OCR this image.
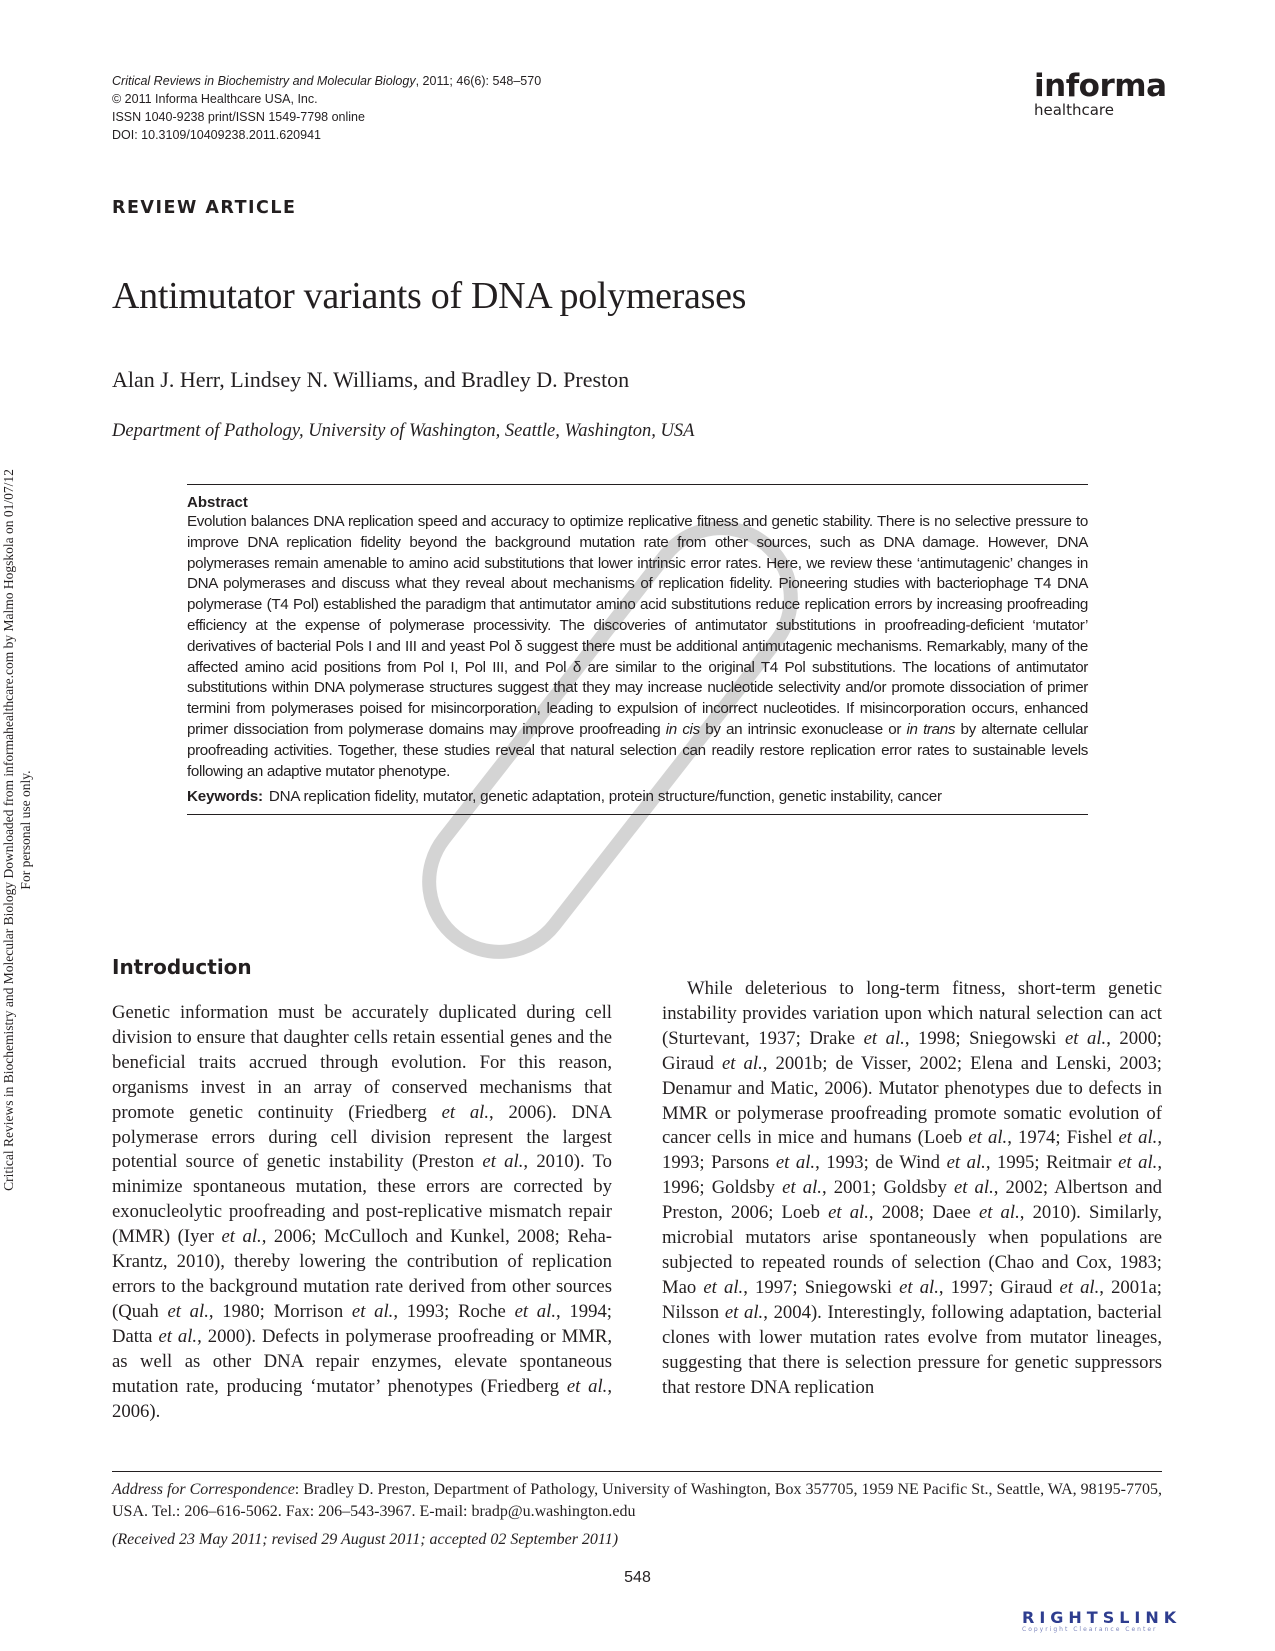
Critical Reviews in Biochemistry and Molecular Biology, 2011; 46(6): 548–570
© 2011 Informa Healthcare USA, Inc.
ISSN 1040-9238 print/ISSN 1549-7798 online
DOI: 10.3109/10409238.2011.620941
informa
healthcare
REVIEW ARTICLE
Antimutator variants of DNA polymerases
Alan J. Herr, Lindsey N. Williams, and Bradley D. Preston
Department of Pathology, University of Washington, Seattle, Washington, USA
Abstract
Evolution balances DNA replication speed and accuracy to optimize replicative fitness and genetic stability. There is no selective pressure to improve DNA replication fidelity beyond the background mutation rate from other sources, such as DNA damage. However, DNA polymerases remain amenable to amino acid substitutions that lower intrinsic error rates. Here, we review these ‘antimutagenic’ changes in DNA polymerases and discuss what they reveal about mechanisms of replication fidelity. Pioneering studies with bacteriophage T4 DNA polymerase (T4 Pol) established the paradigm that antimutator amino acid substitutions reduce replication errors by increasing proofreading efficiency at the expense of polymerase processivity. The discoveries of antimutator substitutions in proofreading-deficient ‘mutator’ derivatives of bacterial Pols I and III and yeast Pol δ suggest there must be additional antimutagenic mechanisms. Remarkably, many of the affected amino acid positions from Pol I, Pol III, and Pol δ are similar to the original T4 Pol substitutions. The locations of antimutator substitutions within DNA polymerase structures suggest that they may increase nucleotide selectivity and/or promote dissociation of primer termini from polymerases poised for misincorporation, leading to expulsion of incorrect nucleotides. If misincorporation occurs, enhanced primer dissociation from polymerase domains may improve proofreading in cis by an intrinsic exonuclease or in trans by alternate cellular proofreading activities. Together, these studies reveal that natural selection can readily restore replication error rates to sustainable levels following an adaptive mutator phenotype.
Keywords: DNA replication fidelity, mutator, genetic adaptation, protein structure/function, genetic instability, cancer
Introduction
Genetic information must be accurately duplicated during cell division to ensure that daughter cells retain essential genes and the beneficial traits accrued through evolution. For this reason, organisms invest in an array of conserved mechanisms that promote genetic continuity (Friedberg et al., 2006). DNA polymerase errors during cell division represent the largest potential source of genetic instability (Preston et al., 2010). To minimize spontaneous mutation, these errors are corrected by exonucleolytic proofreading and post-replicative mismatch repair (MMR) (Iyer et al., 2006; McCulloch and Kunkel, 2008; Reha-Krantz, 2010), thereby lowering the contribution of replication errors to the background mutation rate derived from other sources (Quah et al., 1980; Morrison et al., 1993; Roche et al., 1994; Datta et al., 2000). Defects in polymerase proofreading or MMR, as well as other DNA repair enzymes, elevate spontaneous mutation rate, producing ‘mutator’ phenotypes (Friedberg et al., 2006).
While deleterious to long-term fitness, short-term genetic instability provides variation upon which natural selection can act (Sturtevant, 1937; Drake et al., 1998; Sniegowski et al., 2000; Giraud et al., 2001b; de Visser, 2002; Elena and Lenski, 2003; Denamur and Matic, 2006). Mutator phenotypes due to defects in MMR or polymerase proofreading promote somatic evolution of cancer cells in mice and humans (Loeb et al., 1974; Fishel et al., 1993; Parsons et al., 1993; de Wind et al., 1995; Reitmair et al., 1996; Goldsby et al., 2001; Goldsby et al., 2002; Albertson and Preston, 2006; Loeb et al., 2008; Daee et al., 2010). Similarly, microbial mutators arise spontaneously when populations are subjected to repeated rounds of selection (Chao and Cox, 1983; Mao et al., 1997; Sniegowski et al., 1997; Giraud et al., 2001a; Nilsson et al., 2004). Interestingly, following adaptation, bacterial clones with lower mutation rates evolve from mutator lineages, suggesting that there is selection pressure for genetic suppressors that restore DNA replication
Address for Correspondence: Bradley D. Preston, Department of Pathology, University of Washington, Box 357705, 1959 NE Pacific St., Seattle, WA, 98195-7705, USA. Tel.: 206–616-5062. Fax: 206–543-3967. E-mail: bradp@u.washington.edu
(Received 23 May 2011; revised 29 August 2011; accepted 02 September 2011)
548
RIGHTSLINK
Copyright Clearance Center
Critical Reviews in Biochemistry and Molecular Biology Downloaded from informahealthcare.com by Malmo Hogskola on 01/07/12 For personal use only.
